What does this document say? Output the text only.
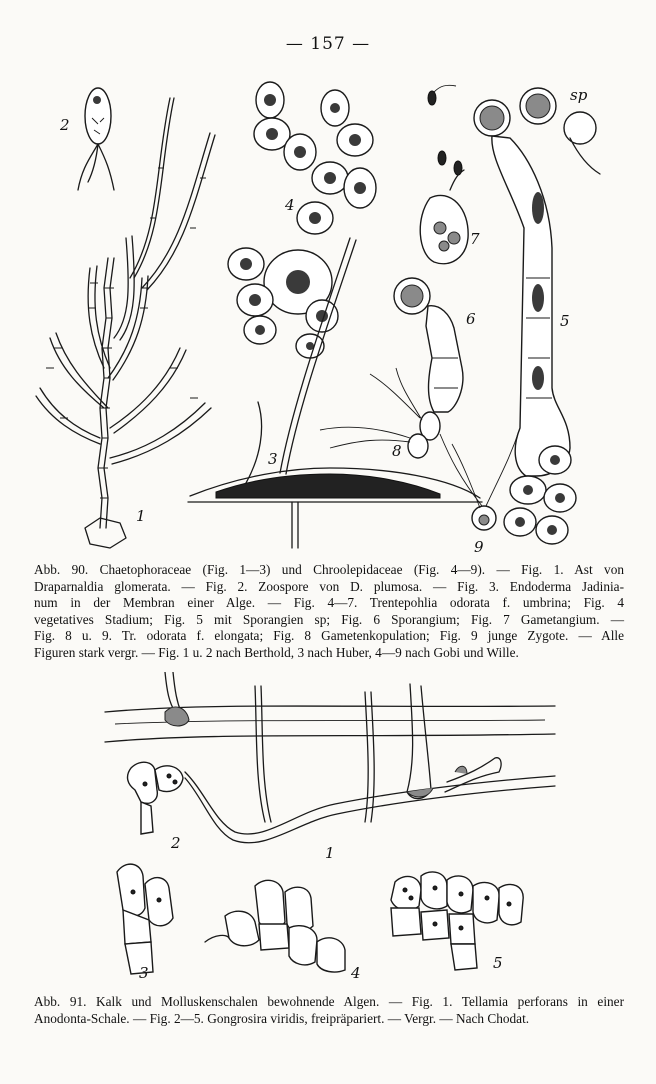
— 157 —
1
2
4
7
sp
5
6
3	8
9
Abb. 90. Chaetophoraceae (Fig. 1—3) und Chroolepidaceae (Fig. 4—9). — Fig. 1. Ast von
Draparnaldia glomerata. — Fig. 2. Zoospore von D. plumosa. — Fig. 3. Endoderma Jadinia-
num in der Membran einer Alge. — Fig. 4—7. Trentepohlia odorata f. umbrina; Fig. 4
vegetatives Stadium; Fig. 5 mit Sporangien sp; Fig. 6 Sporangium; Fig. 7 Gametangium. —
Fig. 8 u. 9. Tr. odorata f. elongata; Fig. 8 Gametenkopulation; Fig. 9 junge Zygote. — Alle
Figuren stark vergr. — Fig. 1 u. 2 nach Berthold, 3 nach Huber, 4—9 nach Gobi und Wille.
1
2
3	4
5
Abb. 91. Kalk und Molluskenschalen bewohnende Algen. — Fig. 1. Tellamia perforans in einer
Anodonta-Schale. — Fig. 2—5. Gongrosira viridis, freipräpariert. — Vergr. — Nach Chodat.
